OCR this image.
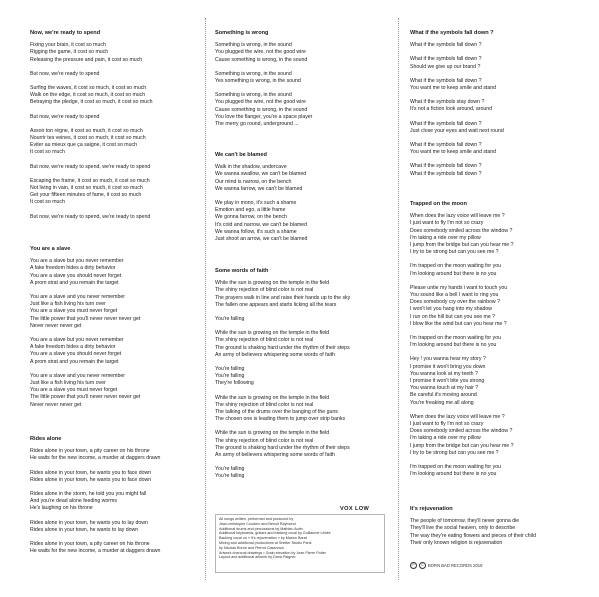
Now, we're ready to spend
Fixing your brain, it cost so much
Rigging the game, it cost so much
Releasing the pressure and pain, it cost so much
But now, we're ready to spend
Surfing the waves, it cost so much, it cost so much
Walk on the edge, it cost so much, it cost so much
Betraying the pledge, it cost so much, it cost so much
But now, we're ready to spend
Assoir ton règne, it cost so much, it cost so much
Nourrir tes veines, it cost so much, it cost so much
Eviter au mieux que ça saigne, it cost so much
It cost so much
But now, we're ready to spend, we're ready to spend
Escaping the frame, it cost so much, it cost so much
Not living in vain, it cost so much, it cost so much
Get your fifteen minutes of fame, it cost so much
It cost so much
But now, we're ready to spend, we're ready to spend
You are a slave
You are a slave but you never remember
A fake freedom hides a dirty behavior
You are a slave you should never forget
A prom strat and you remain the target
You are a slave and you never remember
Just like a fish living his turn over
You are a slave you must never forget
The little power that you'll never never never get
Never never never get
You are a slave but you never remember
A fake freedom hides a dirty behavior
You are a slave you should never forget
A prom strat and you remain the target
You are a slave and you never remember
Just like a fish living his turn over
You are a slave you must never forget
The little power that you'll never never never get
Never never never get
Rides alone
Rides alone in your town, a pity career on his throne
He waits for the new income, a murder at daggers drawn
Rides alone in your town, he wants you to face down
Rides alone in your town, he wants you to face down
Rides alone in the storm, he told you you might fall
And you're dead alone feeding worms
He's laughing on his throne
Rides alone in your town, he wants you to lay down
Rides alone in your town, he wants to lay down
Rides alone in your town, a pity career on his throne
He waits for the new income, a murder at daggers drawn
Something is wrong
Something is wrong, in the sound
You plugged the wire, not the good wire
Cause something is wrong, in the sound
Something is wrong, in the sound
Yes something is wrong, in the sound
Something is wrong, in the sound
You plugged the wire, not the good wire
Cause something is wrong, in the sound
You love the flanger, you're a space player
The merry go round, underground ...
We can't be blamed
Walk in the shadow, undercave
We wanna swallow, we can't be blamed
Our mind is narrow, on the bench
We wanna farrow, we can't be blamed
We play in mono, it's such a shame
Emotion and ego, a little frame
We gonna farrow, on the bench
It's cold and narrow, we can't be blamed
We wanna follow, it's such a shame
Just shoot an arrow, we can't be blamed
Some words of faith
While the sun is growing on the temple in the field
The shiny rejection of blind color is not real
The prayers walk in line and raise their hands up to the sky
The fallen one appears and starts licking all the tears
You're falling
While the sun is growing on the temple in the field
The shiny rejection of blind color is not real
The ground is shaking hard under the rhythm of their steps
An army of believers whispering some words of faith
You're falling
You're falling
They're following
While the sun is growing on the temple in the field
The shiny rejection of blind color is not real
The talking of the drums over the banging of the guns
The chosen one is leading them to jump over strip banks
While the sun is growing on the temple in the field
The shiny rejection of blind color is not real
The ground is shaking hard under the rhythm of their steps
An army of believers whispering some words of faith
You're falling
You're falling
VOX LOW
All songs written, performed and produced by
Jean-christophe Couderc and Benoit Raymond
Additional drums and percussions by Mathieu Autin
Additional keyboards, guitars and backing vocal by Guillaume Lébée
Backing vocal on « It's rejuvenation » by Marion Barat
Mixing and additional productions at Shelter Studio Paris
by Nicolas Borne and Pierrot Casanova
Artwork charcoal drawings • Grain elevation by Jean Pierre Potier
Layout and additional artwork by Dana Paigner
What if the symbols fall down ?
What if the symbols fall down ?
What if the symbols fall down ?
Should we give up our brand ?
What if the symbols fall down ?
You want me to keep smile and stand
What if the symbols stay down ?
It's not a fiction look around, around
What if the symbols fall down ?
Just close your eyes and wait next round
What if the symbols fall down ?
You want me to keep smile and stand
What if the symbols fall down ?
What if the symbols fall down ?
Trapped on the moon
When does the lazy voice will leave me ?
I just want to fly I'm not so crazy
Does somebody smiled across the window ?
I'm taking a ride over my pillow
I jump from the bridge but can you hear me ?
I try to be strong but can you see me ?
I'm trapped on the moon waiting for you
I'm looking around but there is no you
Please untie my hands i want to touch you
You sound like a bell I want to ring you
Does somebody cry over the rainbow ?
I won't let you hang into my shadow
I run on the hill but can you see me ?
I blow like the wind but can you hear me ?
I'm trapped on the moon waiting for you
I'm looking around but there is no you
Hey ! you wanna hear my story ?
I promise it won't bring you down
You wanna look at my teeth ?
I promise it won't bite you strong
You wanna touch at my hair ?
Be careful it's moving around
You're freaking me all along
When does the lazy voice will leave me ?
I just want to fly I'm not so crazy
Does somebody smiled across the window ?
I'm taking a ride over my pillow
I jump from the bridge but can you hear me ?
I try to be strong but can you see me ?
I'm trapped on the moon waiting for you
I'm looking around but there is no you
It's rejuvenation
The people of tomorrow, they'll never gonna die
They'll live the social heaven, only to describe
The way they're eating flowers and pieces of their child
Their only known religion is rejuvenation
P	C	BORN BAD RECORDS 2018
